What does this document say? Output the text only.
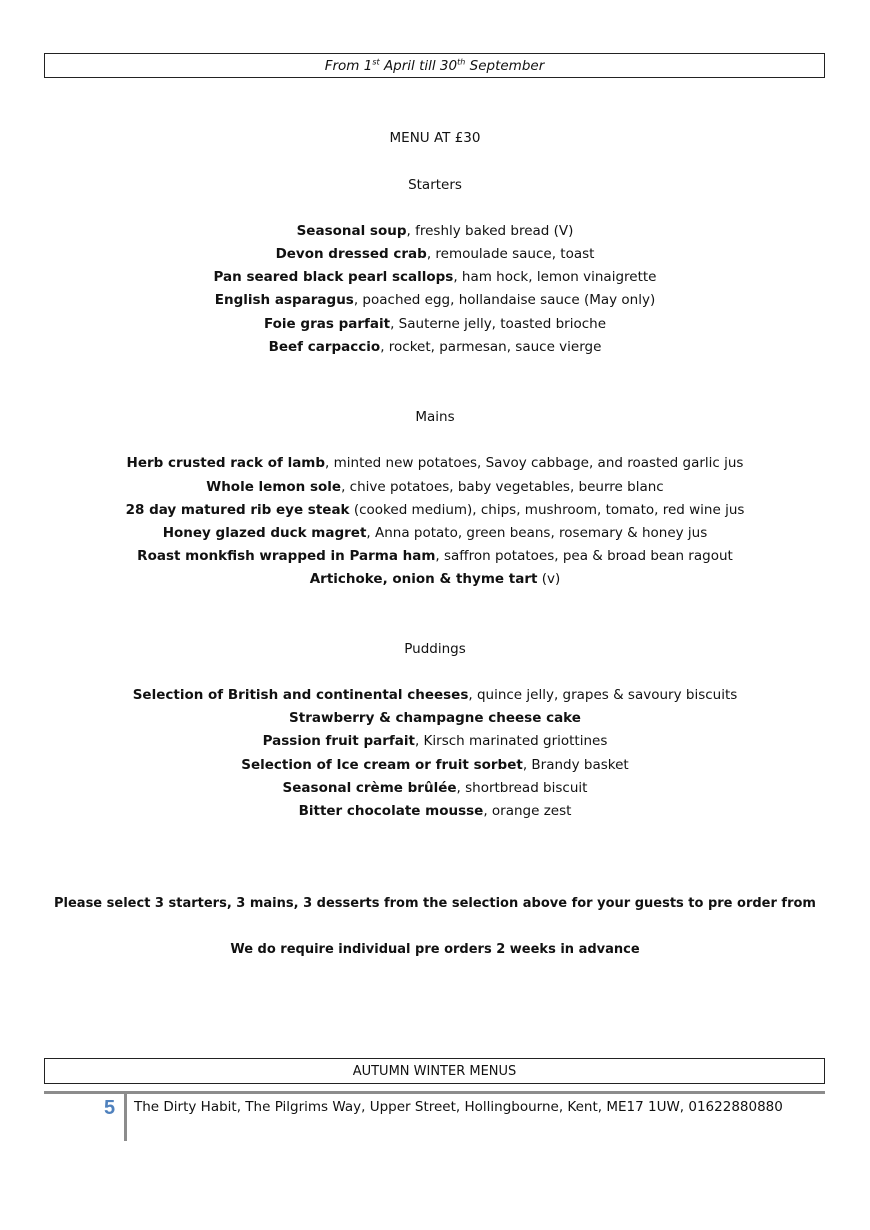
From 1st April till 30th September
MENU AT £30
Starters
Seasonal soup, freshly baked bread (V)
Devon dressed crab, remoulade sauce, toast
Pan seared black pearl scallops, ham hock, lemon vinaigrette
English asparagus, poached egg, hollandaise sauce (May only)
Foie gras parfait, Sauterne jelly, toasted brioche
Beef carpaccio, rocket, parmesan, sauce vierge
Mains
Herb crusted rack of lamb, minted new potatoes, Savoy cabbage, and roasted garlic jus
Whole lemon sole, chive potatoes, baby vegetables, beurre blanc
28 day matured rib eye steak (cooked medium), chips, mushroom, tomato, red wine jus
Honey glazed duck magret, Anna potato, green beans, rosemary & honey jus
Roast monkfish wrapped in Parma ham, saffron potatoes, pea & broad bean ragout
Artichoke, onion & thyme tart (v)
Puddings
Selection of British and continental cheeses, quince jelly, grapes & savoury biscuits
Strawberry & champagne cheese cake
Passion fruit parfait, Kirsch marinated griottines
Selection of Ice cream or fruit sorbet, Brandy basket
Seasonal crème brûlée, shortbread biscuit
Bitter chocolate mousse, orange zest
Please select 3 starters, 3 mains, 3 desserts from the selection above for your guests to pre order from
We do require individual pre orders 2 weeks in advance
AUTUMN WINTER MENUS
5 The Dirty Habit, The Pilgrims Way, Upper Street, Hollingbourne, Kent, ME17 1UW, 01622880880
